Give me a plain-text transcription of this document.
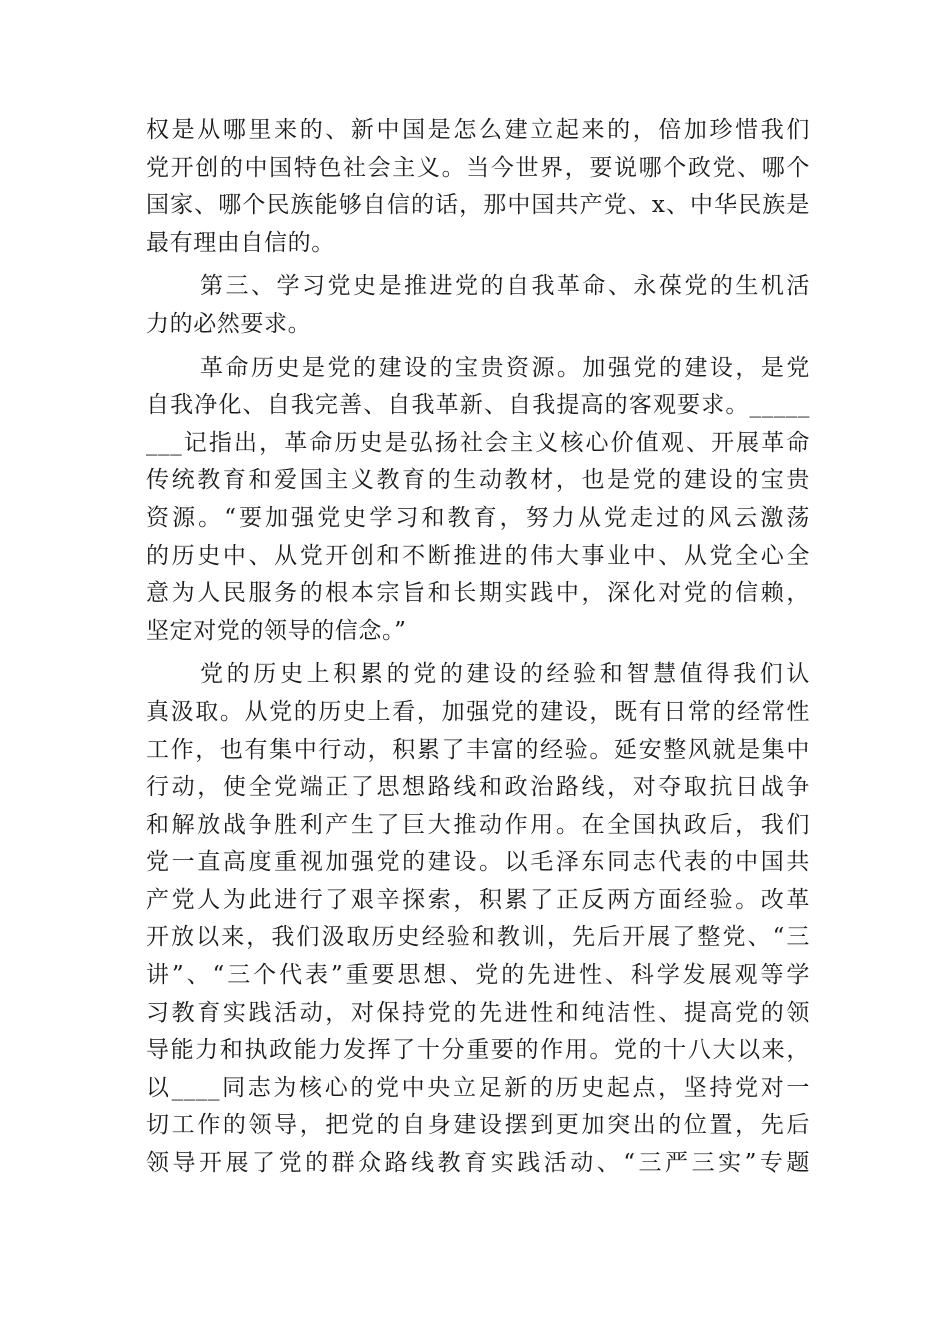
权是从哪里来的、新中国是怎么建立起来的，倍加珍惜我们
党开创的中国特色社会主义。当今世界，要说哪个政党、哪个
国家、哪个民族能够自信的话，那中国共产党、x、中华民族是
最有理由自信的。
第三、学习党史是推进党的自我革命、永葆党的生机活
力的必然要求。
革命历史是党的建设的宝贵资源。加强党的建设，是党
自我净化、自我完善、自我革新、自我提高的客观要求。_____
___记指出，革命历史是弘扬社会主义核心价值观、开展革命
传统教育和爱国主义教育的生动教材，也是党的建设的宝贵
资源。“要加强党史学习和教育，努力从党走过的风云激荡
的历史中、从党开创和不断推进的伟大事业中、从党全心全
意为人民服务的根本宗旨和长期实践中，深化对党的信赖，
坚定对党的领导的信念。”
党的历史上积累的党的建设的经验和智慧值得我们认
真汲取。从党的历史上看，加强党的建设，既有日常的经常性
工作，也有集中行动，积累了丰富的经验。延安整风就是集中
行动，使全党端正了思想路线和政治路线，对夺取抗日战争
和解放战争胜利产生了巨大推动作用。在全国执政后，我们
党一直高度重视加强党的建设。以毛泽东同志代表的中国共
产党人为此进行了艰辛探索，积累了正反两方面经验。改革
开放以来，我们汲取历史经验和教训，先后开展了整党、“三
讲”、“三个代表”重要思想、党的先进性、科学发展观等学
习教育实践活动，对保持党的先进性和纯洁性、提高党的领
导能力和执政能力发挥了十分重要的作用。党的十八大以来，
以____同志为核心的党中央立足新的历史起点，坚持党对一
切工作的领导，把党的自身建设摆到更加突出的位置，先后
领导开展了党的群众路线教育实践活动、“三严三实”专题
